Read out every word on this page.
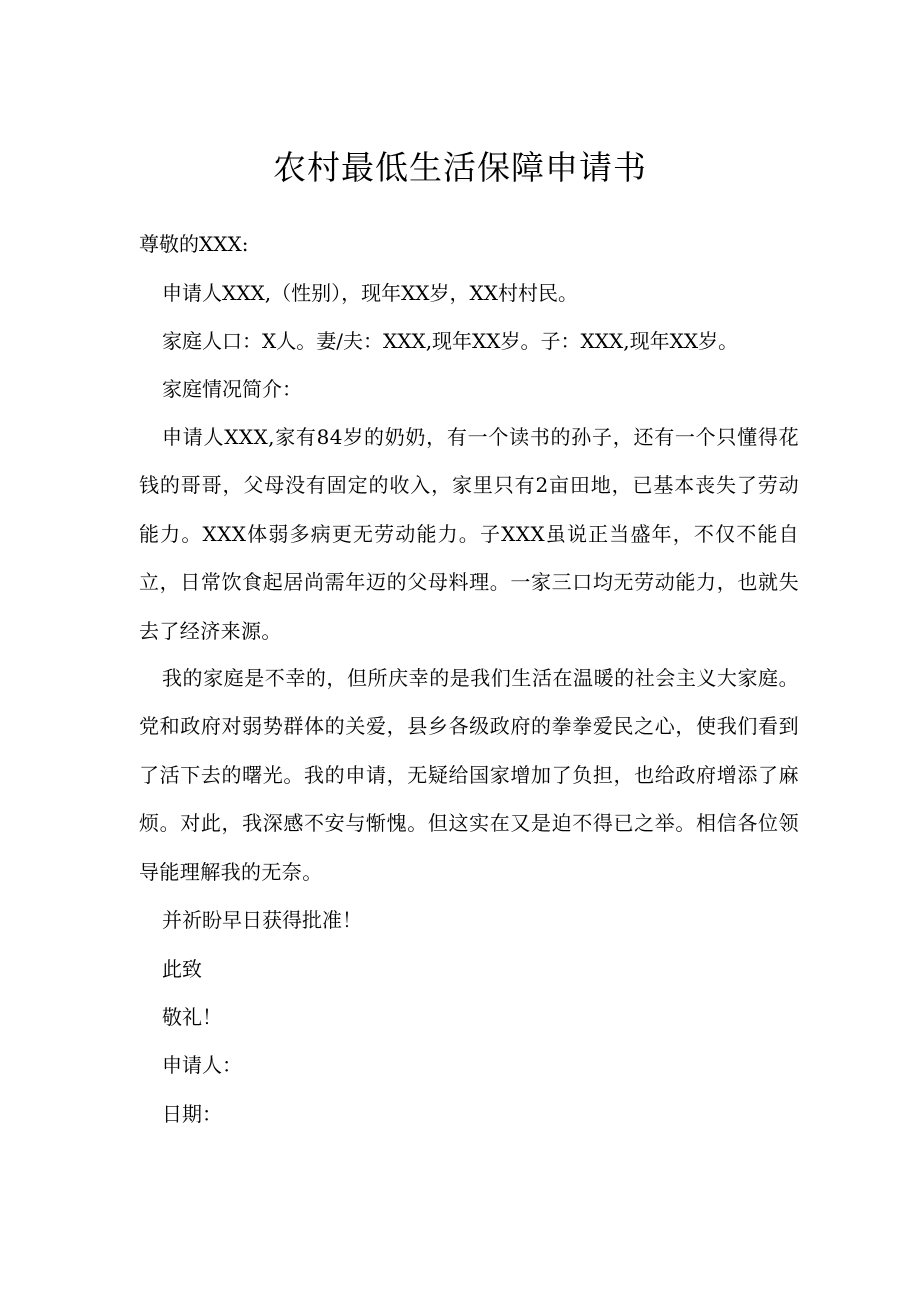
农村最低生活保障申请书

尊敬的XXX:

申请人XXX,（性别），现年XX岁，XX村村民。

家庭人口：X人。妻/夫：XXX,现年XX岁。子：XXX,现年XX岁。

家庭情况简介：

申请人XXX,家有84岁的奶奶，有一个读书的孙子，还有一个只懂得花钱的哥哥，父母没有固定的收入，家里只有2亩田地，已基本丧失了劳动能力。XXX体弱多病更无劳动能力。子XXX虽说正当盛年，不仅不能自立，日常饮食起居尚需年迈的父母料理。一家三口均无劳动能力，也就失去了经济来源。

我的家庭是不幸的，但所庆幸的是我们生活在温暖的社会主义大家庭。党和政府对弱势群体的关爱，县乡各级政府的拳拳爱民之心，使我们看到了活下去的曙光。我的申请，无疑给国家增加了负担，也给政府增添了麻烦。对此，我深感不安与惭愧。但这实在又是迫不得已之举。相信各位领导能理解我的无奈。

并祈盼早日获得批准！

此致

敬礼！

申请人：

日期：
